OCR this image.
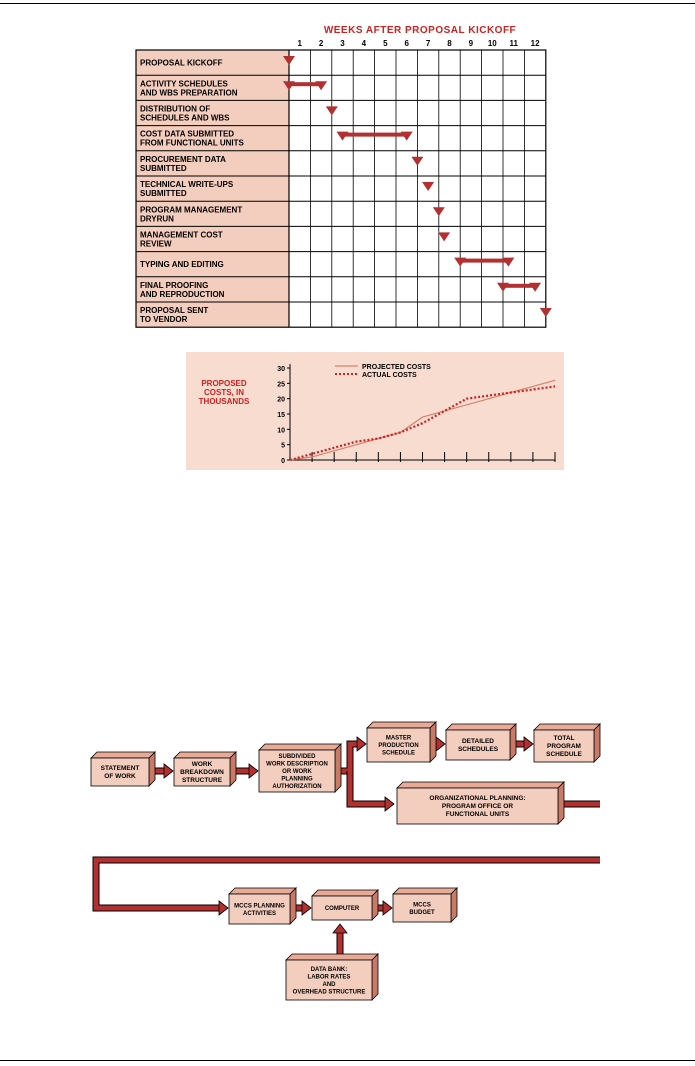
WEEKS AFTER PROPOSAL KICKOFF
1 2 3 4 5 6 7 8 9 10 11 12
PROPOSAL KICKOFF
ACTIVITY SCHEDULES
AND WBS PREPARATION
DISTRIBUTION OF
SCHEDULES AND WBS
COST DATA SUBMITTED
FROM FUNCTIONAL UNITS
PROCUREMENT DATA
SUBMITTED
TECHNICAL WRITE-UPS
SUBMITTED
PROGRAM MANAGEMENT
DRYRUN
MANAGEMENT COST
REVIEW
TYPING AND EDITING
FINAL PROOFING
AND REPRODUCTION
PROPOSAL SENT
TO VENDOR
PROPOSED
COSTS, IN
THOUSANDS
30
25
20
15
10
5
0
PROJECTED COSTS
ACTUAL COSTS
STATEMENT
OF WORK
WORK
BREAKDOWN
STRUCTURE
SUBDIVIDED
WORK DESCRIPTION
OR WORK
PLANNING
AUTHORIZATION
MASTER
PRODUCTION
SCHEDULE
DETAILED
SCHEDULES
TOTAL
PROGRAM
SCHEDULE
ORGANIZATIONAL PLANNING:
PROGRAM OFFICE OR
FUNCTIONAL UNITS
MCCS PLANNING
ACTIVITIES
COMPUTER
MCCS
BUDGET
DATA BANK:
LABOR RATES
AND
OVERHEAD STRUCTURE
